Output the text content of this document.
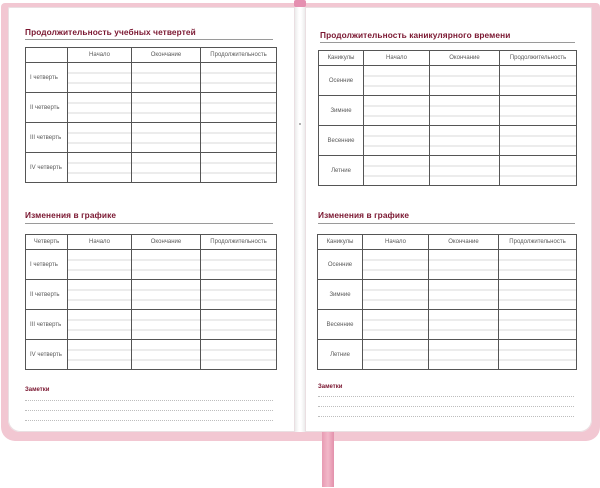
Продолжительность учебных четвертей
	Начало	Окончание	Продолжительность
I четверть			
II четверть			
III четверть			
IV четверть			
Изменения в графике
Четверть	Начало	Окончание	Продолжительность
I четверть			
II четверть			
III четверть			
IV четверть			
Заметки
Продолжительность каникулярного времени
Каникулы	Начало	Окончание	Продолжительность
Осенние			
Зимние			
Весенние			
Летние			
Изменения в графике
Каникулы	Начало	Окончание	Продолжительность
Осенние			
Зимние			
Весенние			
Летние			
Заметки
